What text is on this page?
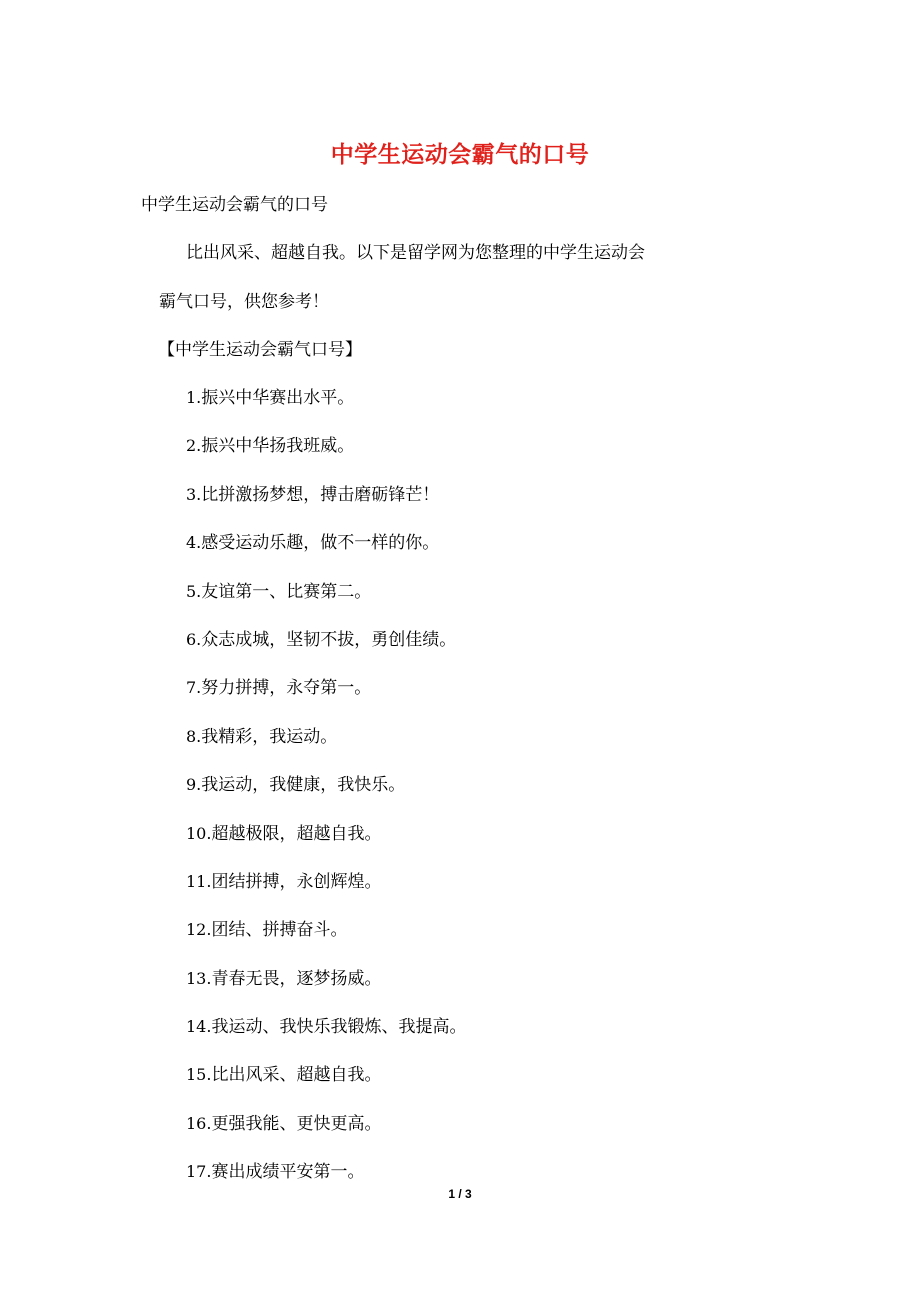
中学生运动会霸气的口号
中学生运动会霸气的口号
比出风采、超越自我。以下是留学网为您整理的中学生运动会
霸气口号，供您参考！
【中学生运动会霸气口号】
1.振兴中华赛出水平。
2.振兴中华扬我班威。
3.比拼激扬梦想，搏击磨砺锋芒！
4.感受运动乐趣，做不一样的你。
5.友谊第一、比赛第二。
6.众志成城，坚韧不拔，勇创佳绩。
7.努力拼搏，永夺第一。
8.我精彩，我运动。
9.我运动，我健康，我快乐。
10.超越极限，超越自我。
11.团结拼搏，永创辉煌。
12.团结、拼搏奋斗。
13.青春无畏，逐梦扬威。
14.我运动、我快乐我锻炼、我提高。
15.比出风采、超越自我。
16.更强我能、更快更高。
17.赛出成绩平安第一。
1 / 3
